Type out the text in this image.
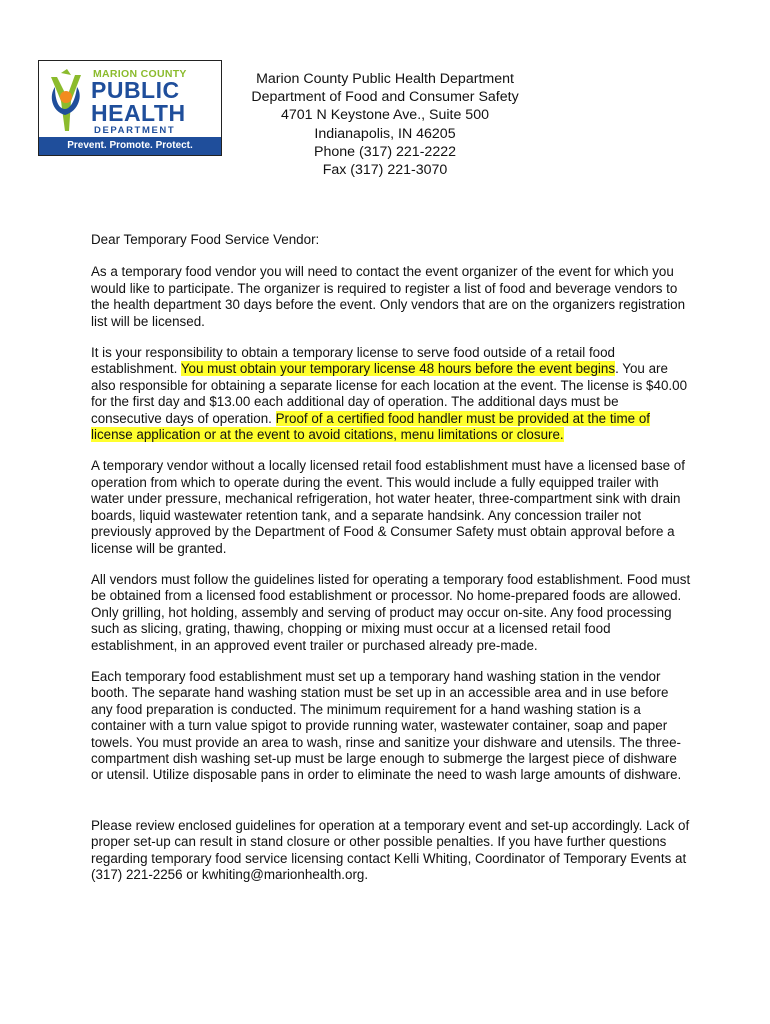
MARION COUNTY
PUBLIC
HEALTH
DEPARTMENT
Prevent. Promote. Protect.
Marion County Public Health Department
Department of Food and Consumer Safety
4701 N Keystone Ave., Suite 500
Indianapolis, IN 46205
Phone (317) 221-2222
Fax (317) 221-3070

Dear Temporary Food Service Vendor:

As a temporary food vendor you will need to contact the event organizer of the event for which you would like to participate. The organizer is required to register a list of food and beverage vendors to the health department 30 days before the event. Only vendors that are on the organizers registration list will be licensed.

It is your responsibility to obtain a temporary license to serve food outside of a retail food establishment. You must obtain your temporary license 48 hours before the event begins. You are also responsible for obtaining a separate license for each location at the event. The license is $40.00 for the first day and $13.00 each additional day of operation. The additional days must be consecutive days of operation. Proof of a certified food handler must be provided at the time of license application or at the event to avoid citations, menu limitations or closure.

A temporary vendor without a locally licensed retail food establishment must have a licensed base of operation from which to operate during the event. This would include a fully equipped trailer with water under pressure, mechanical refrigeration, hot water heater, three-compartment sink with drain boards, liquid wastewater retention tank, and a separate handsink. Any concession trailer not previously approved by the Department of Food & Consumer Safety must obtain approval before a license will be granted.

All vendors must follow the guidelines listed for operating a temporary food establishment. Food must be obtained from a licensed food establishment or processor. No home-prepared foods are allowed. Only grilling, hot holding, assembly and serving of product may occur on-site. Any food processing such as slicing, grating, thawing, chopping or mixing must occur at a licensed retail food establishment, in an approved event trailer or purchased already pre-made.

Each temporary food establishment must set up a temporary hand washing station in the vendor booth. The separate hand washing station must be set up in an accessible area and in use before any food preparation is conducted. The minimum requirement for a hand washing station is a container with a turn value spigot to provide running water, wastewater container, soap and paper towels. You must provide an area to wash, rinse and sanitize your dishware and utensils. The three-compartment dish washing set-up must be large enough to submerge the largest piece of dishware or utensil. Utilize disposable pans in order to eliminate the need to wash large amounts of dishware.

Please review enclosed guidelines for operation at a temporary event and set-up accordingly. Lack of proper set-up can result in stand closure or other possible penalties. If you have further questions regarding temporary food service licensing contact Kelli Whiting, Coordinator of Temporary Events at (317) 221-2256 or kwhiting@marionhealth.org.
